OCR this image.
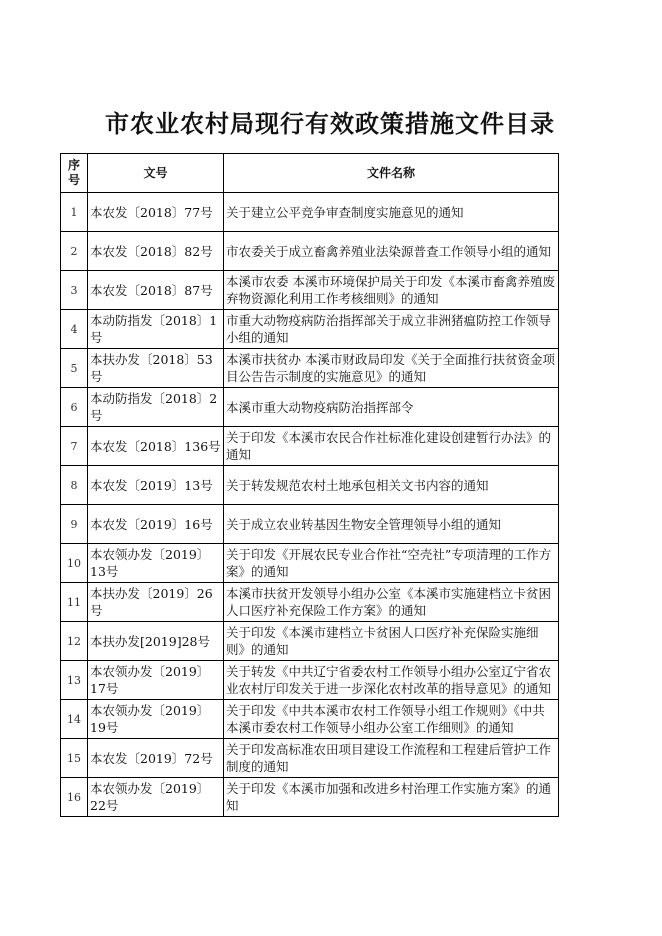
市农业农村局现行有效政策措施文件目录
序号	文号	文件名称

1	本农发〔2018〕77号	关于建立公平竞争审查制度实施意见的通知

2	本农发〔2018〕82号	市农委关于成立畜禽养殖业法染源普查工作领导小组的通知

3	本农发〔2018〕87号	本溪市农委 本溪市环境保护局关于印发《本溪市畜禽养殖废弃物资源化利用工作考核细则》的通知

4	本动防指发〔2018〕1号	市重大动物疫病防治指挥部关于成立非洲猪瘟防控工作领导小组的通知

5	本扶办发〔2018〕53号	本溪市扶贫办 本溪市财政局印发《关于全面推行扶贫资金项目公告告示制度的实施意见》的通知

6	本动防指发〔2018〕2号	本溪市重大动物疫病防治指挥部令

7	本农发〔2018〕136号	关于印发《本溪市农民合作社标准化建设创建暂行办法》的通知

8	本农发〔2019〕13号	关于转发规范农村土地承包相关文书内容的通知

9	本农发〔2019〕16号	关于成立农业转基因生物安全管理领导小组的通知

10	本农领办发〔2019〕13号	关于印发《开展农民专业合作社“空壳社”专项清理的工作方案》的通知

11	本扶办发〔2019〕26号	本溪市扶贫开发领导小组办公室《本溪市实施建档立卡贫困人口医疗补充保险工作方案》的通知

12	本扶办发[2019]28号	关于印发《本溪市建档立卡贫困人口医疗补充保险实施细则》的通知

13	本农领办发〔2019〕17号	关于转发《中共辽宁省委农村工作领导小组办公室辽宁省农业农村厅印发关于进一步深化农村改革的指导意见》的通知

14	本农领办发〔2019〕19号	关于印发《中共本溪市农村工作领导小组工作规则》《中共本溪市委农村工作领导小组办公室工作细则》的通知

15	本农发〔2019〕72号	关于印发高标准农田项目建设工作流程和工程建后管护工作制度的通知

16	本农领办发〔2019〕22号	关于印发《本溪市加强和改进乡村治理工作实施方案》的通知
